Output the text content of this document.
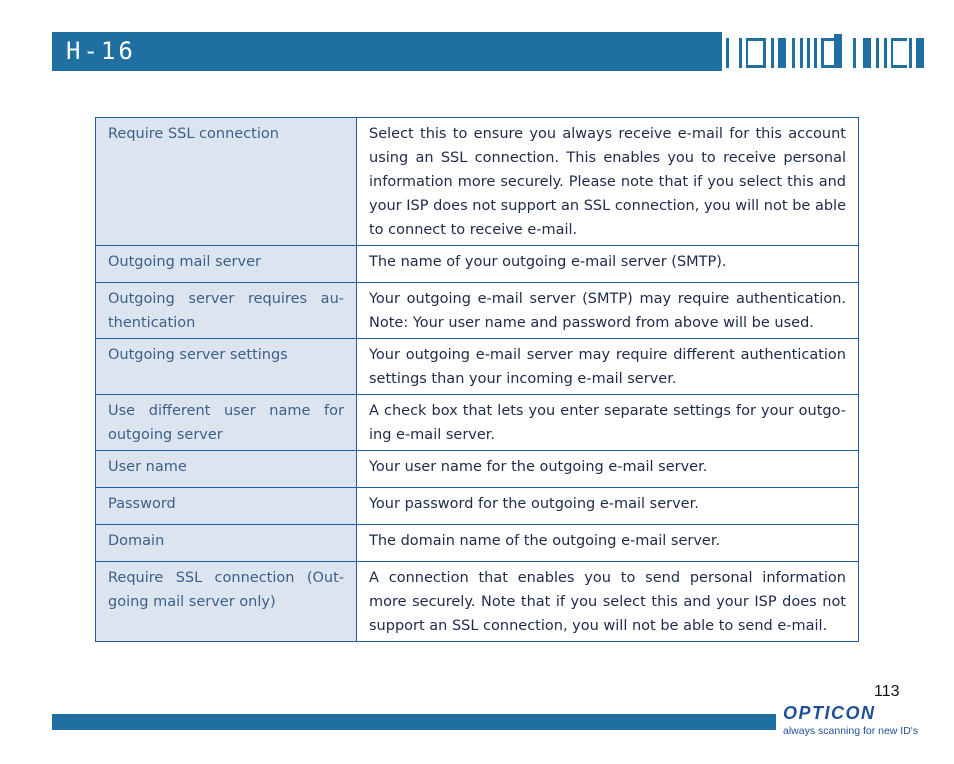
H-16
Require SSL connection	Select this to ensure you always receive e-mail for this account using an SSL connection. This enables you to receive personal information more securely. Please note that if you select this and your ISP does not support an SSL connection, you will not be able to connect to receive e-mail.
Outgoing mail server	The name of your outgoing e-mail server (SMTP).
Outgoing server requires au-thentication	Your outgoing e-mail server (SMTP) may require authentication. Note: Your user name and password from above will be used.
Outgoing server settings	Your outgoing e-mail server may require different authentication settings than your incoming e-mail server.
Use different user name for outgoing server	A check box that lets you enter separate settings for your outgo-ing e-mail server.
User name	Your user name for the outgoing e-mail server.
Password	Your password for the outgoing e-mail server.
Domain	The domain name of the outgoing e-mail server.
Require SSL connection (Out-going mail server only)	A connection that enables you to send personal information more securely. Note that if you select this and your ISP does not support an SSL connection, you will not be able to send e-mail.
113
OPTICON
always scanning for new ID's
